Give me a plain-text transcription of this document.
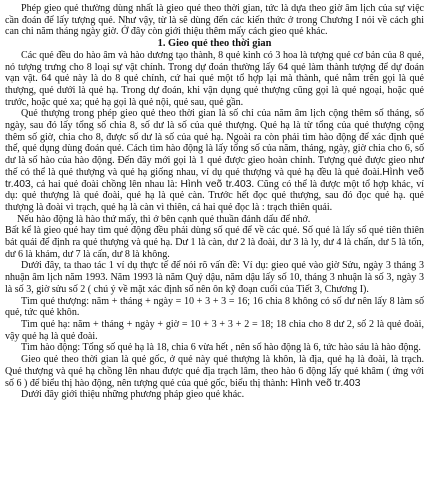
Phép gieo quẻ thường dùng nhất là gieo quẻ theo thời gian, tức là dựa theo giờ âm lịch của sự việc cần đoán để lấy tượng quẻ. Như vậy, từ là sẽ dùng đến các kiến thức ở trong Chương I nói về cách ghi can chi năm tháng ngày giờ. Ở đây còn giới thiệu thêm mấy cách gieo quẻ khác.

1. Gieo quẻ theo thời gian

Các quẻ đều do hào âm và hào dương tạo thành, 8 quẻ kinh có 3 hoa là tượng quẻ cơ bản của 8 quẻ, nó tượng trưng cho 8 loại sự vật chính. Trong dự đoán thường lấy 64 quẻ làm thành tượng để dự đoán vạn vật. 64 quẻ này là do 8 quẻ chính, cứ hai quẻ một tổ hợp lại mà thành, quẻ nằm trên gọi là quẻ thượng, quẻ dưới là quẻ hạ. Trong dự đoán, khi vận dụng quẻ thượng cũng gọi là quẻ ngoại, hoặc quẻ trước, hoặc quẻ xa; quẻ hạ gọi là quẻ nội, quẻ sau, quẻ gần.

Quẻ thượng trong phép gieo quẻ theo thời gian là số chỉ của năm âm lịch cộng thêm số tháng, số ngày, sau đó lấy tổng số chia 8, số dư là số của quẻ thượng. Quẻ hạ là từ tổng của quẻ thượng cộng thêm số giờ, chia cho 8, được số dư là số của quẻ hạ. Ngoài ra còn phải tìm hào động để xác định quẻ thể, quẻ dụng dùng đoán quẻ. Cách tìm hào động là lấy tổng số của năm, tháng, ngày, giờ chia cho 6, số dư là số hào của hào động. Đến đây mới gọi là 1 quẻ được gieo hoàn chỉnh. Tượng quẻ được gieo như thế có thể là quẻ thượng và quẻ hạ giống nhau, ví dụ quẻ thượng và quẻ hạ đều là quẻ đoài.Hình veõ tr.403, cả hai quẻ đoài chồng lên nhau là: Hình veõ tr.403. Cũng có thể là được một tổ hợp khác, ví dụ: quẻ thượng là quẻ đoài, quẻ hạ là quẻ càn. Trước hết đọc quẻ thượng, sau đó đọc quẻ hạ. quẻ thượng là đoài vì trạch, quẻ hạ là càn vì thiên, cả hai quẻ đọc là : trạch thiên quải.

Nếu hào động là hào thứ mấy, thì ở bên cạnh quẻ thuần đánh dấu để nhớ.

Bất kể là gieo quẻ hay tìm quẻ động đều phải dùng số quẻ để về các quẻ. Số quẻ là lấy số quẻ tiên thiên bát quái để định ra quẻ thượng và quẻ hạ. Dư 1 là càn, dư 2 là đoài, dư 3 là ly, dư 4 là chấn, dư 5 là tốn, dư 6 là khảm, dư 7 là cấn, dư 8 là không.

Dưới đây, ta thao tác 1 ví dụ thực tế để nói rõ vấn đề: Ví dụ: gieo quẻ vào giờ Sửu, ngày 3 tháng 3 nhuận âm lịch năm 1993. Năm 1993 là năm Quý dậu, năm dậu lấy số 10, tháng 3 nhuận là số 3, ngày 3 là số 3, giờ sửu số 2 ( chú ý về mặt xác định số nên ôn kỹ đoạn cuối của Tiết 3, Chương I).

Tìm quẻ thượng: năm + tháng + ngày = 10 + 3 + 3 = 16; 16 chia 8 không có số dư nên lấy 8 làm số quẻ, tức quẻ khôn.

Tìm quẻ hạ: năm + tháng + ngày + giờ = 10 + 3 + 3 + 2 = 18; 18 chia cho 8 dư 2, số 2 là quẻ đoài, vậy quẻ hạ là quẻ đoài.

Tìm hào động: Tổng số quẻ hạ là 18, chia 6 vừa hết , nên số hào động là 6, tức hào sáu là hào động.

Gieo quẻ theo thời gian là quẻ gốc, ở quẻ này quẻ thượng là khôn, là địa, quẻ hạ là đoài, là trạch. Quẻ thượng và quẻ hạ chồng lên nhau được quẻ địa trạch lâm, theo hào 6 động lấy quẻ khâm ( ứng với số 6 ) để biểu thị hào động, nên tượng quẻ của quẻ gốc, biểu thị thành: Hình veõ tr.403

Dưới đây giới thiệu những phương pháp gieo quẻ khác.
